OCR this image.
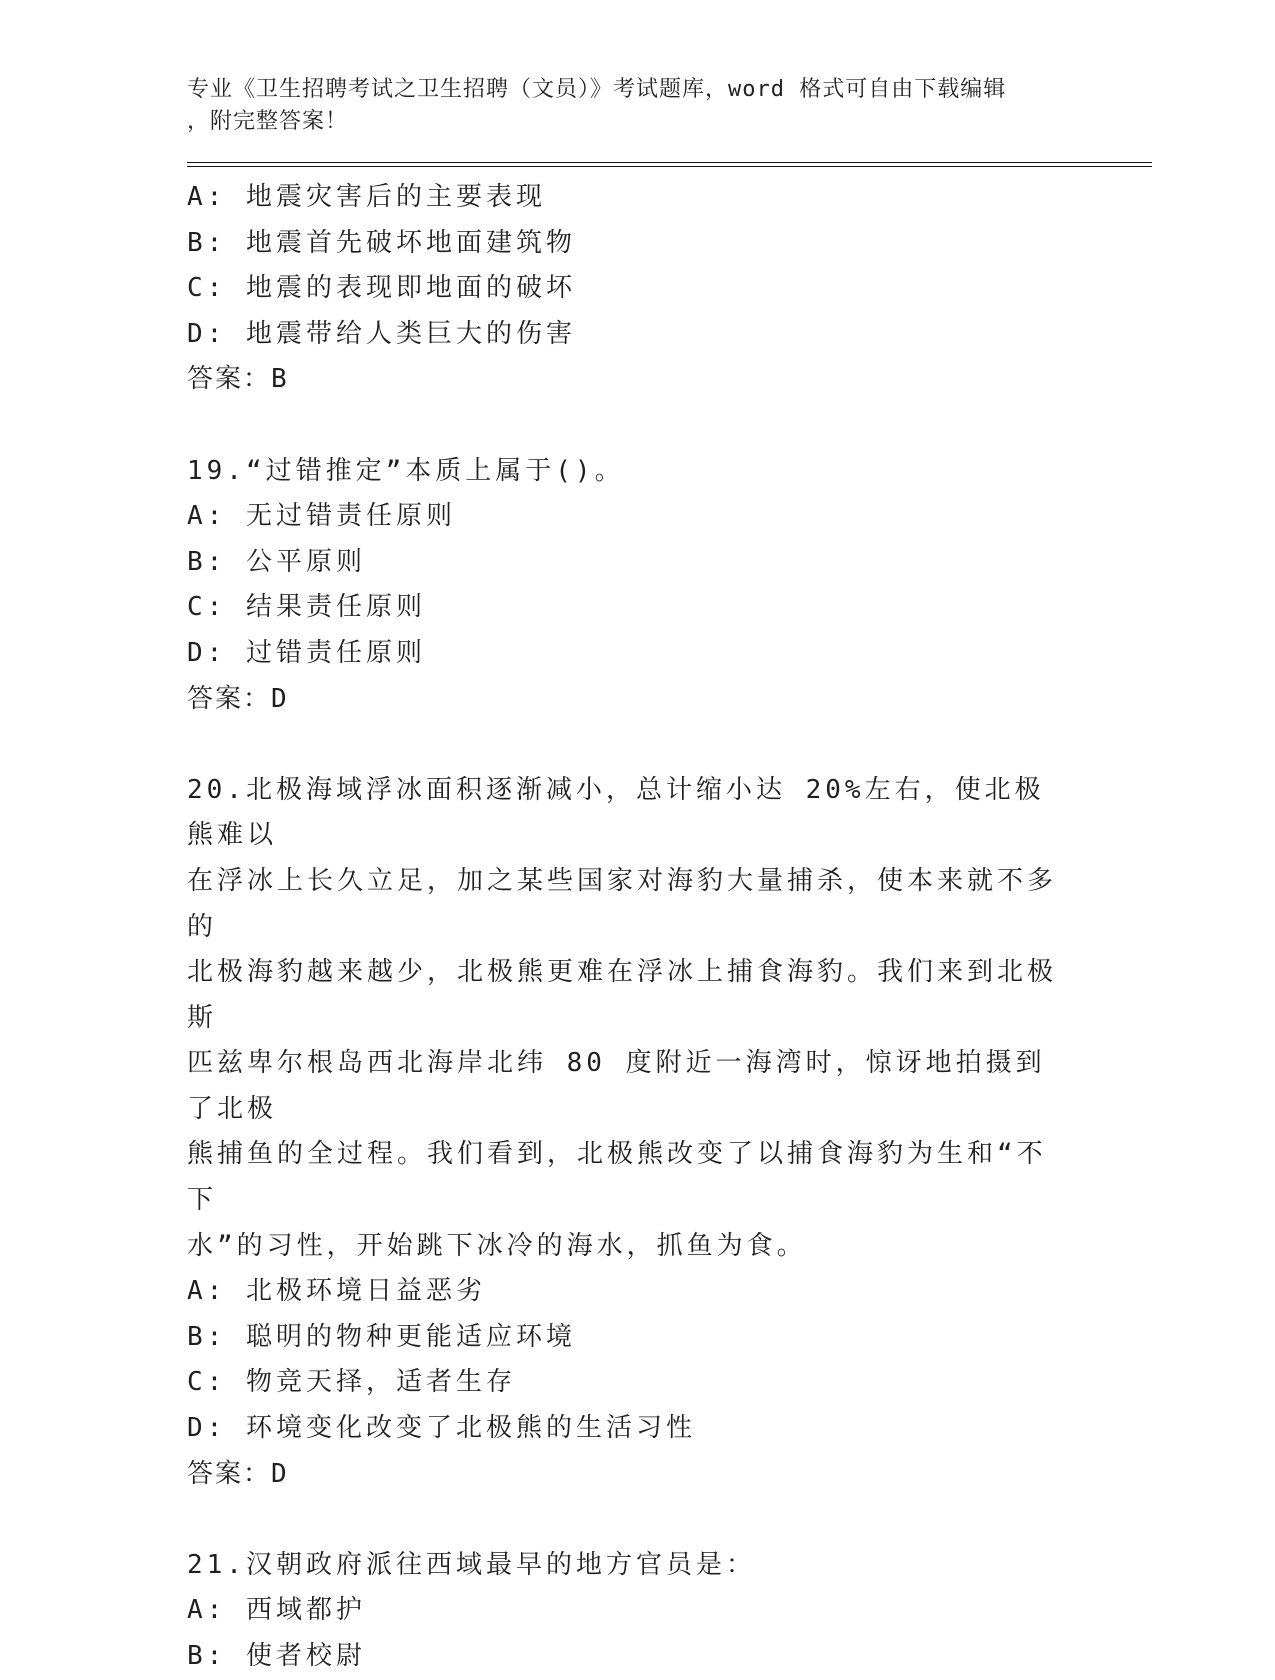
专业《卫生招聘考试之卫生招聘（文员）》考试题库，word 格式可自由下载编辑
，附完整答案！
A: 地震灾害后的主要表现
B: 地震首先破坏地面建筑物
C: 地震的表现即地面的破坏
D: 地震带给人类巨大的伤害
答案：B
19.“过错推定”本质上属于()。
A: 无过错责任原则
B: 公平原则
C: 结果责任原则
D: 过错责任原则
答案：D
20.北极海域浮冰面积逐渐减小，总计缩小达 20%左右，使北极熊难以
在浮冰上长久立足，加之某些国家对海豹大量捕杀，使本来就不多的
北极海豹越来越少，北极熊更难在浮冰上捕食海豹。我们来到北极斯
匹兹卑尔根岛西北海岸北纬 80 度附近一海湾时，惊讶地拍摄到了北极
熊捕鱼的全过程。我们看到，北极熊改变了以捕食海豹为生和“不下
水”的习性，开始跳下冰冷的海水，抓鱼为食。
A: 北极环境日益恶劣
B: 聪明的物种更能适应环境
C: 物竞天择，适者生存
D: 环境变化改变了北极熊的生活习性
答案：D
21.汉朝政府派往西域最早的地方官员是：
A: 西域都护
B: 使者校尉
